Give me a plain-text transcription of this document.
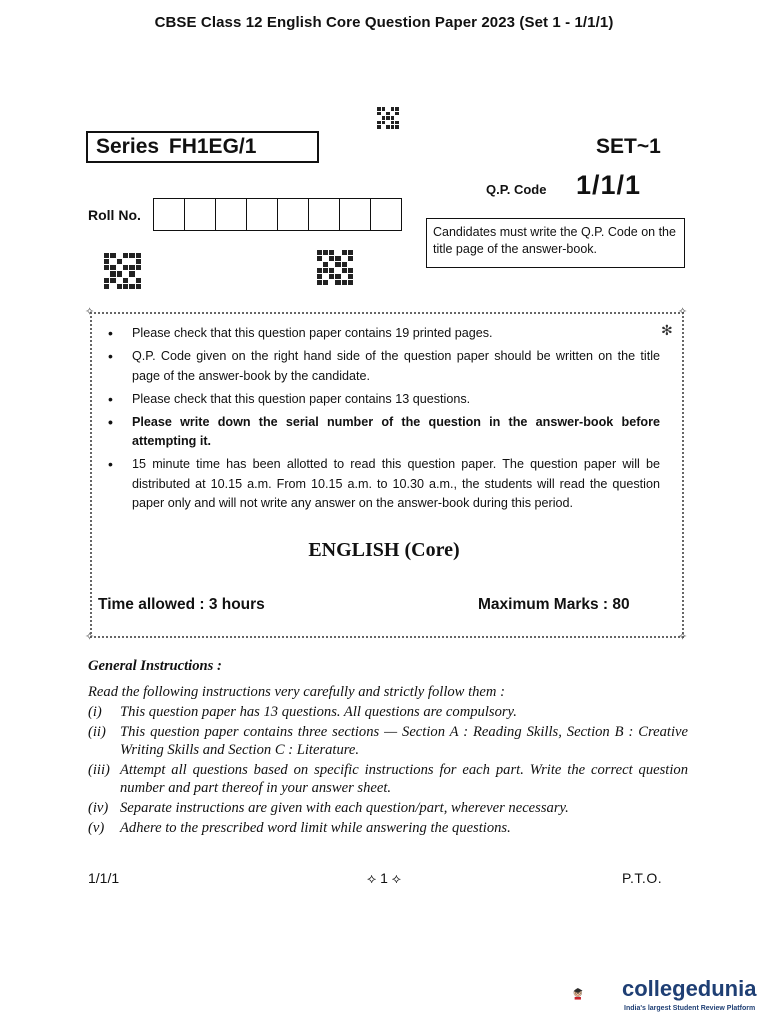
CBSE Class 12 English Core Question Paper 2023 (Set 1 - 1/1/1)
Series FH1EG/1	SET~1
Q.P. Code 1/1/1
Roll No.
Candidates must write the Q.P. Code on the title page of the answer-book.
✧	✧
✧	✧
✻
• Please check that this question paper contains 19 printed pages.
• Q.P. Code given on the right hand side of the question paper should be written on the title page of the answer-book by the candidate.
• Please check that this question paper contains 13 questions.
• Please write down the serial number of the question in the answer-book before attempting it.
• 15 minute time has been allotted to read this question paper. The question paper will be distributed at 10.15 a.m. From 10.15 a.m. to 10.30 a.m., the students will read the question paper only and will not write any answer on the answer-book during this period.
ENGLISH (Core)
Time allowed : 3 hours	Maximum Marks : 80
General Instructions :
Read the following instructions very carefully and strictly follow them :
(i)	This question paper has 13 questions. All questions are compulsory.
(ii) This question paper contains three sections — Section A : Reading Skills, Section B : Creative Writing Skills and Section C : Literature.
(iii) Attempt all questions based on specific instructions for each part. Write the correct question number and part thereof in your answer sheet.
(iv) Separate instructions are given with each question/part, wherever necessary.
(v)	Adhere to the prescribed word limit while answering the questions.
1/1/1	⟡ 1 ⟡	P.T.O.
collegedunia
India's largest Student Review Platform
